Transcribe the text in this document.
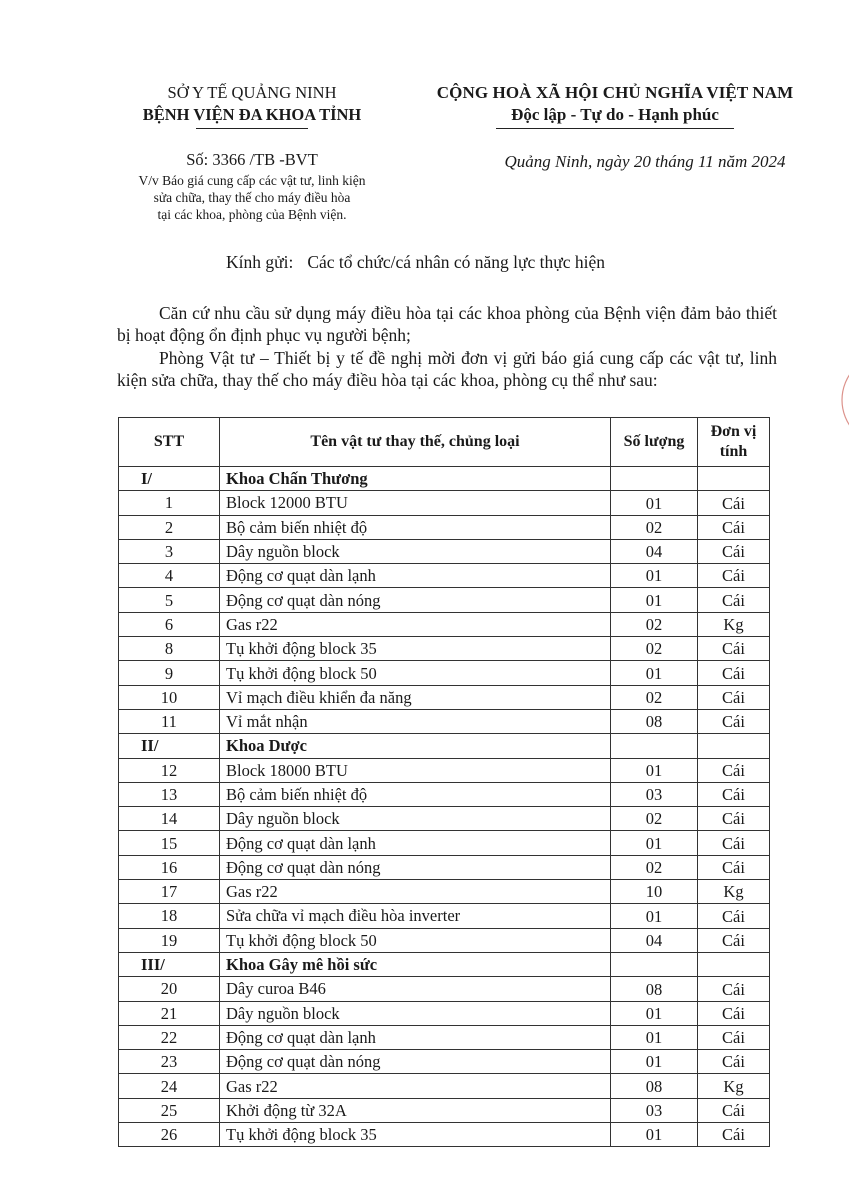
SỞ Y TẾ QUẢNG NINH
BỆNH VIỆN ĐA KHOA TỈNH
CỘNG HOÀ XÃ HỘI CHỦ NGHĨA VIỆT NAM
Độc lập - Tự do - Hạnh phúc
Số: 3366 /TB -BVT	Quảng Ninh, ngày 20 tháng 11 năm 2024
V/v Báo giá cung cấp các vật tư, linh kiện
sửa chữa, thay thế cho máy điều hòa
tại các khoa, phòng của Bệnh viện.
Kính gửi: Các tổ chức/cá nhân có năng lực thực hiện
Căn cứ nhu cầu sử dụng máy điều hòa tại các khoa phòng của Bệnh viện đảm bảo thiết bị hoạt động ổn định phục vụ người bệnh;
Phòng Vật tư – Thiết bị y tế đề nghị mời đơn vị gửi báo giá cung cấp các vật tư, linh kiện sửa chữa, thay thế cho máy điều hòa tại các khoa, phòng cụ thể như sau:
STT	Tên vật tư thay thế, chủng loại	Số lượng	Đơn vị tính
I/	Khoa Chấn Thương		
1	Block 12000 BTU	01	Cái
2	Bộ cảm biến nhiệt độ	02	Cái
3	Dây nguồn block	04	Cái
4	Động cơ quạt dàn lạnh	01	Cái
5	Động cơ quạt dàn nóng	01	Cái
6	Gas r22	02	Kg
8	Tụ khởi động block 35	02	Cái
9	Tụ khởi động block 50	01	Cái
10	Vỉ mạch điều khiển đa năng	02	Cái
11	Vỉ mắt nhận	08	Cái
II/	Khoa Dược		
12	Block 18000 BTU	01	Cái
13	Bộ cảm biến nhiệt độ	03	Cái
14	Dây nguồn block	02	Cái
15	Động cơ quạt dàn lạnh	01	Cái
16	Động cơ quạt dàn nóng	02	Cái
17	Gas r22	10	Kg
18	Sửa chữa vỉ mạch điều hòa inverter	01	Cái
19	Tụ khởi động block 50	04	Cái
III/	Khoa Gây mê hồi sức		
20	Dây curoa B46	08	Cái
21	Dây nguồn block	01	Cái
22	Động cơ quạt dàn lạnh	01	Cái
23	Động cơ quạt dàn nóng	01	Cái
24	Gas r22	08	Kg
25	Khởi động từ 32A	03	Cái
26	Tụ khởi động block 35	01	Cái
